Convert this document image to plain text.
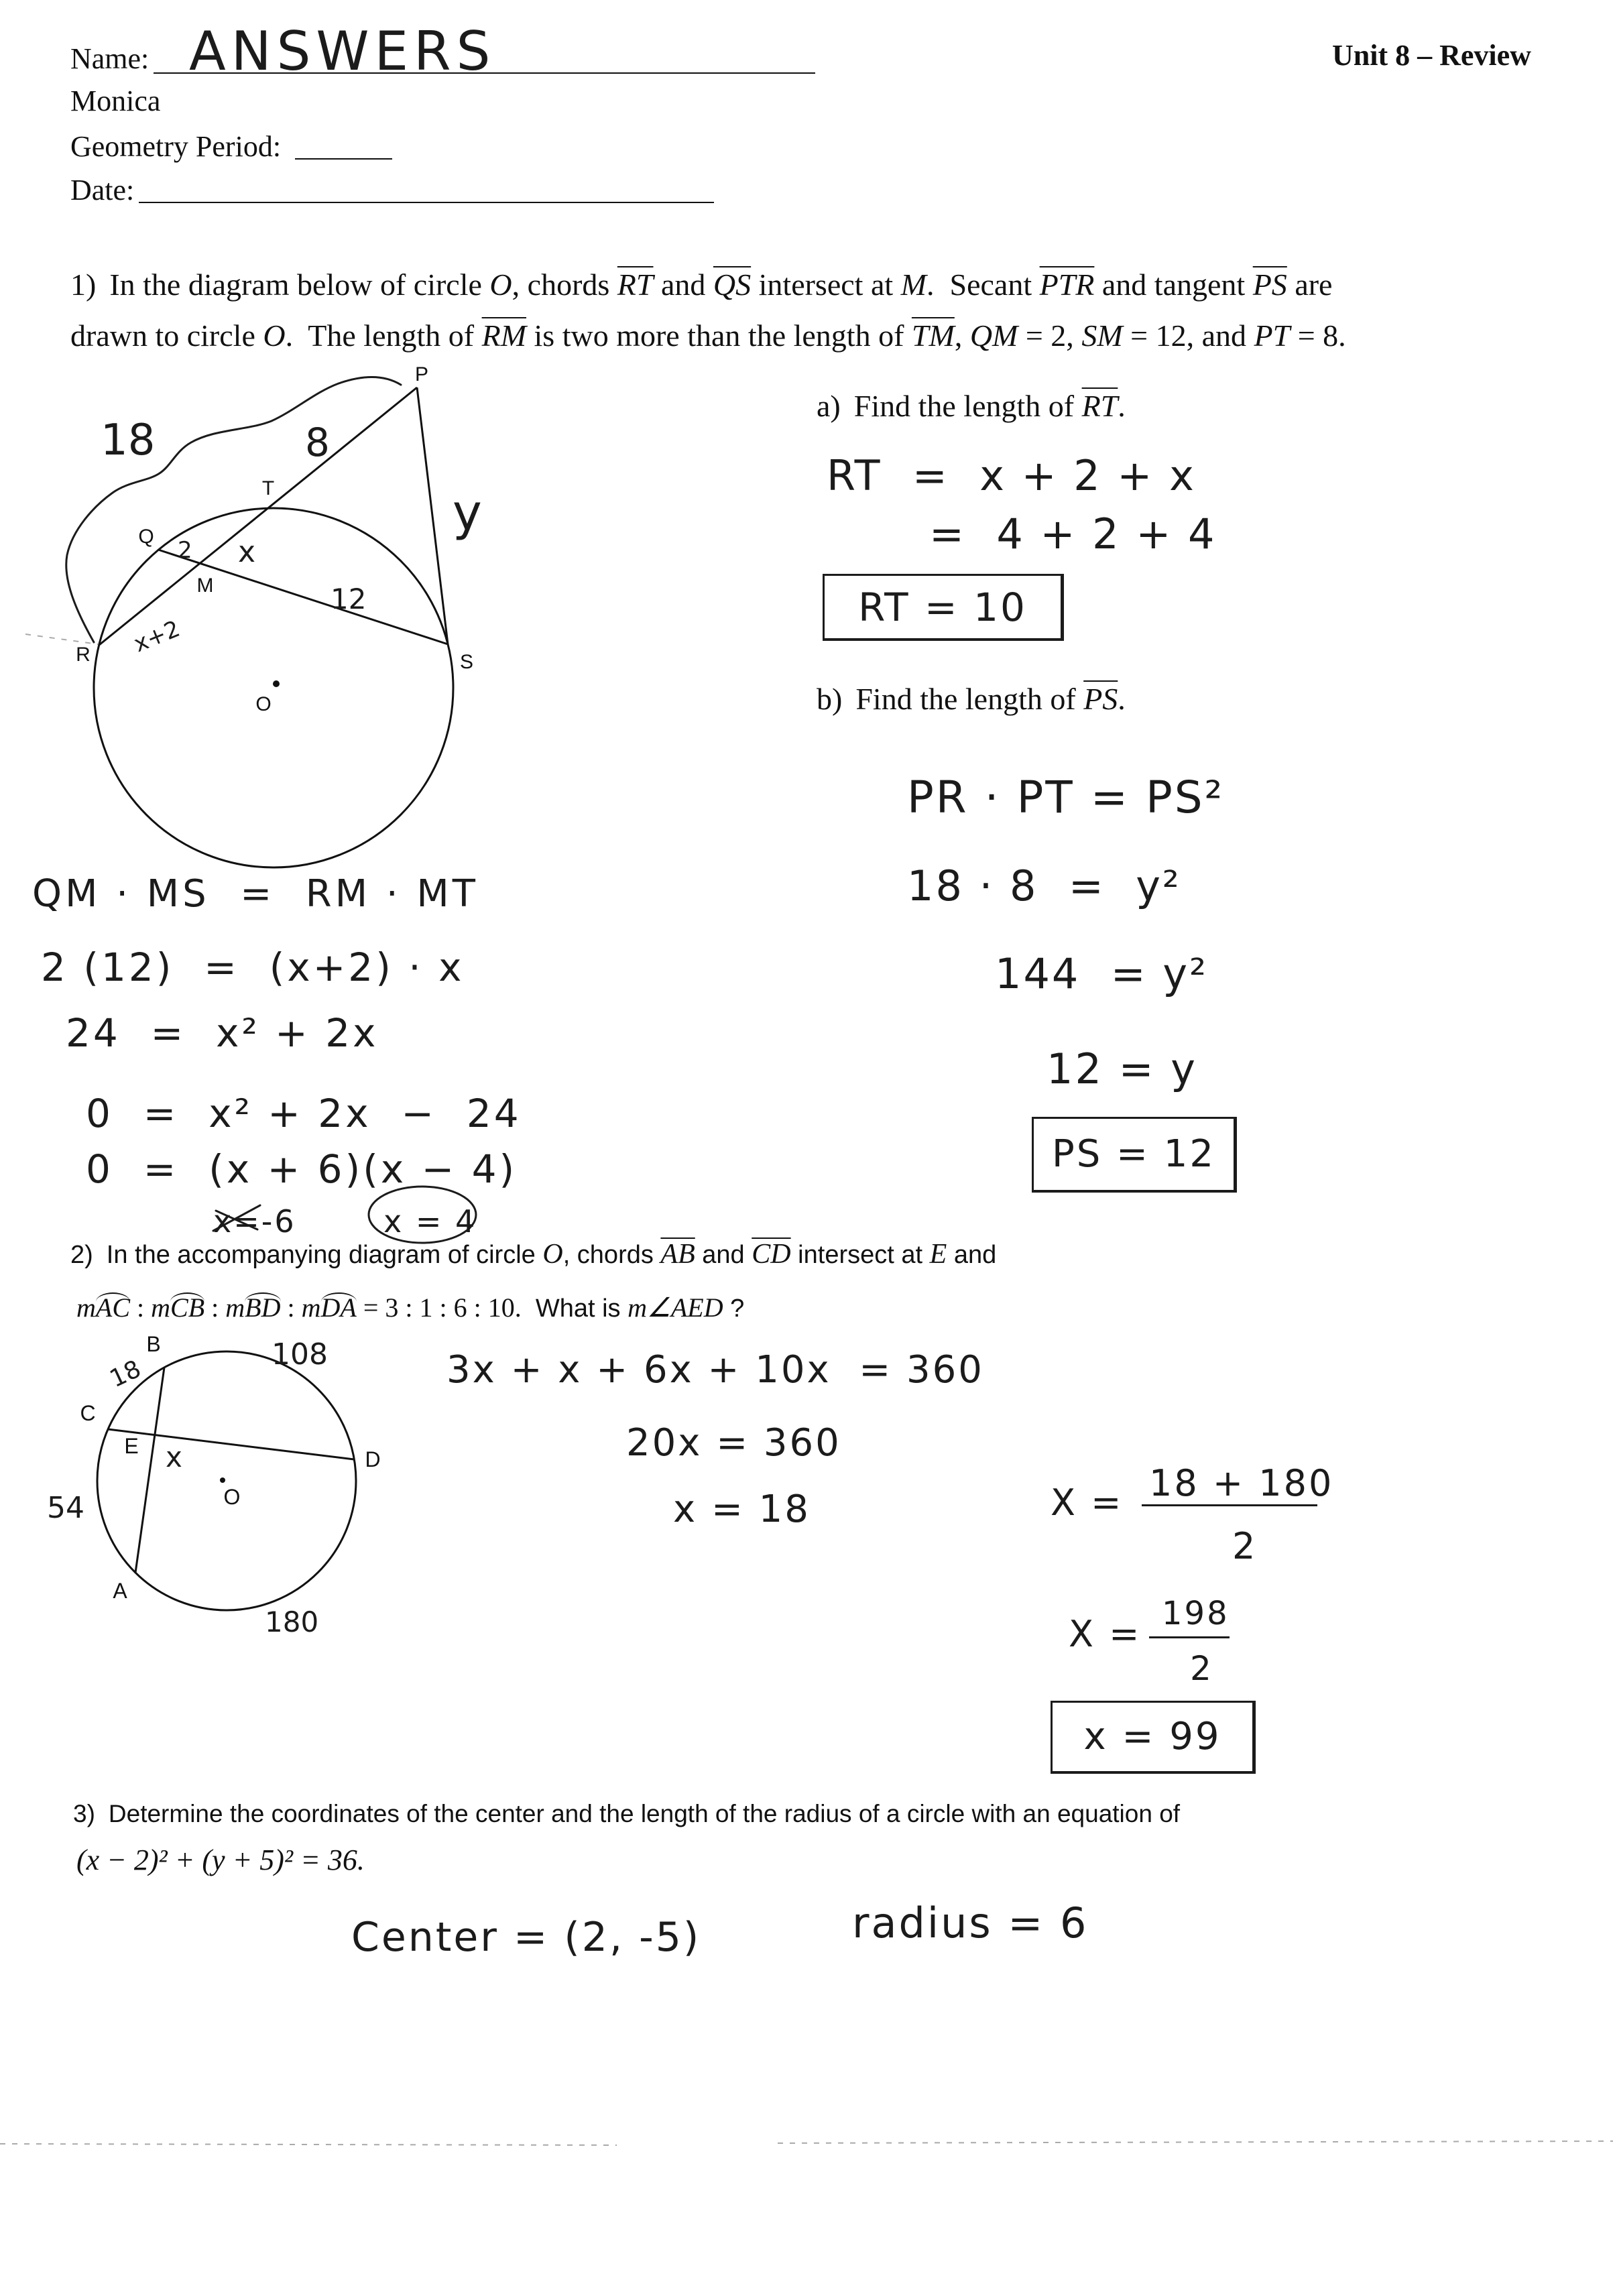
P
T
Q
M
R	S
O
18	8
y
2 x
12
x+2
B
C
E
D
A
O
108
18
54
180
x
Name: ANSWERS	Unit 8 – Review
Monica
Geometry Period:
Date:
1) In the diagram below of circle O , chords $\overline{RT}$ and $\overline{QS}$ intersect at M .  Secant $\overline{PTR}$ and tangent $\overline{PS}$ are
drawn to circle O .  The length of $\overline{RM}$ is two more than the length of $\overline{TM}$ , QM = 2, SM = 12, and PT = 8.
a) Find the length of $\overline{RT}$ .
RT  =  x + 2 + x
=  4 + 2 + 4
RT = 10
b) Find the length of $\overline{PS}$ .
PR · PT = PS²
18 · 8  =  y²
144  = y²
12 = y
PS = 12
QM · MS  =  RM · MT
2 (12)  =  (x+2) · x
24  =  x² + 2x
0  =  x² + 2x  −  24
0  =  (x + 6)(x − 4)
x=-6	x = 4
2) In the accompanying diagram of circle O , chords $\overline{AB}$ and $\overline{CD}$ intersect at E and
m AC : m CB : m BD : m DA = 3 : 1 : 6 : 10. What is m∠AED ?
3x + x + 6x + 10x  = 360
20x = 360
x = 18	X = 18 + 180
2
X = 198
2
x = 99
3) Determine the coordinates of the center and the length of the radius of a circle with an equation of
(x − 2)² + (y + 5)² = 36.
Center = (2, -5)	radius = 6
